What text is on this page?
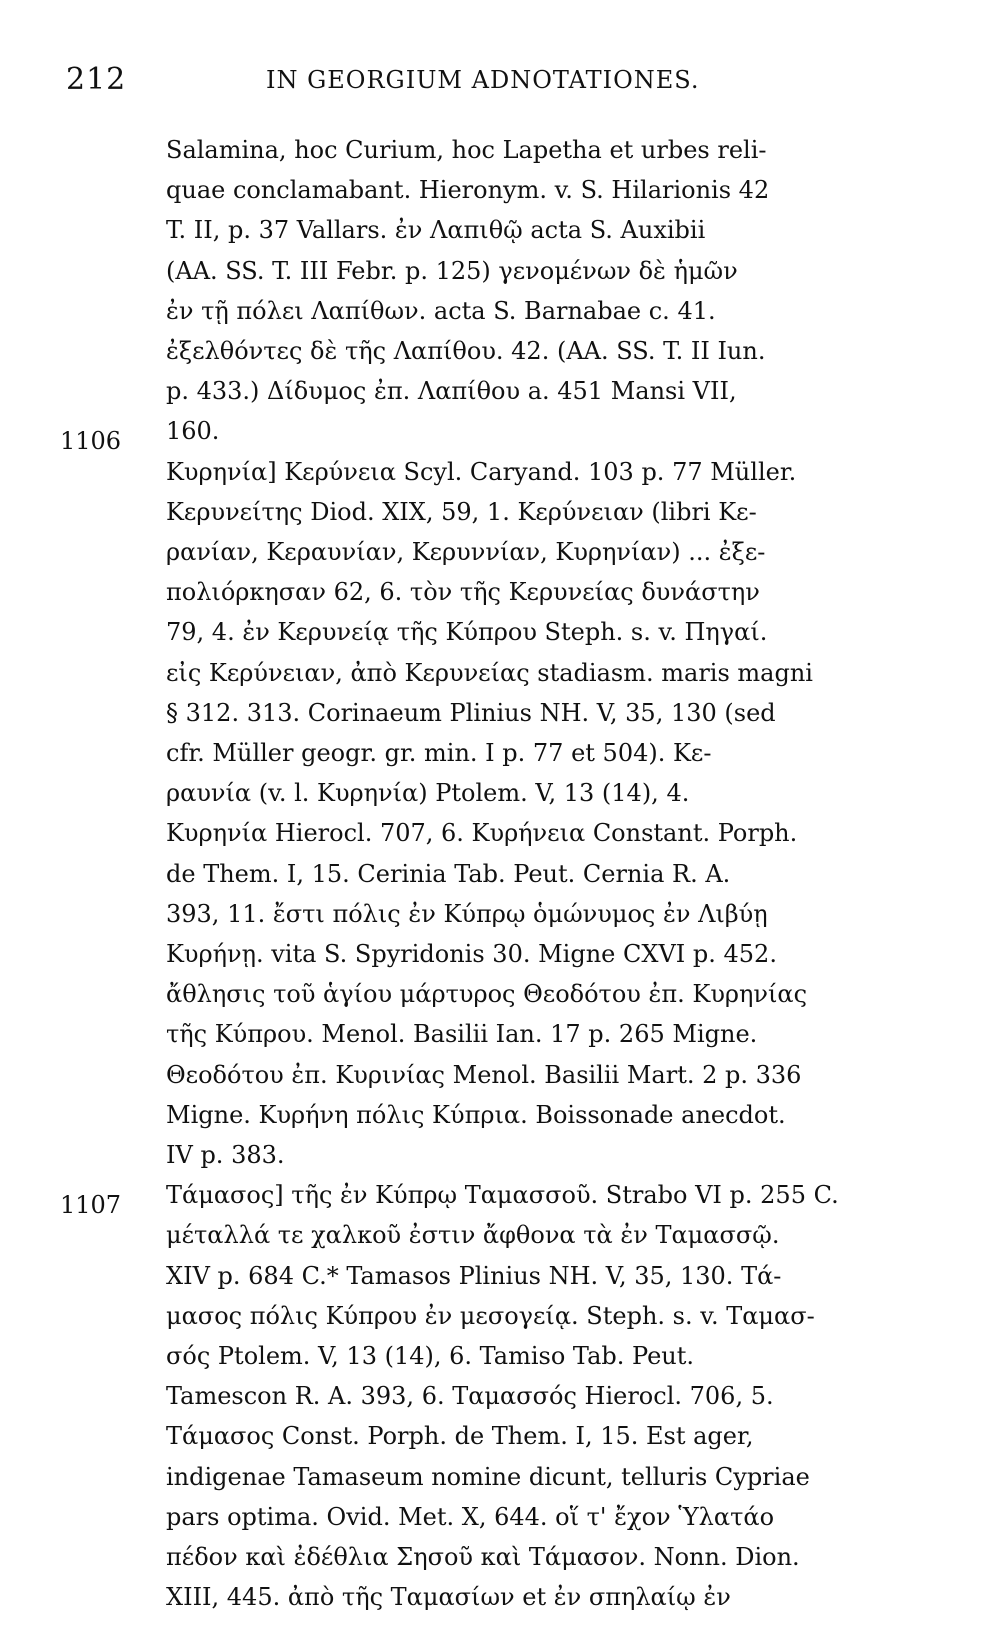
212	IN GEORGIUM ADNOTATIONES.
Salamina, hoc Curium, hoc Lapetha et urbes reli-
quae conclamabant. Hieronym. v. S. Hilarionis 42
T. II, p. 37 Vallars. ἐν Λαπιθῷ acta S. Auxibii
(AA. SS. T. III Febr. p. 125) γενομένων δὲ ἡμῶν
ἐν τῇ πόλει Λαπίθων. acta S. Barnabae c. 41.
ἐξελθόντες δὲ τῆς Λαπίθου. 42. (AA. SS. T. II Iun.
p. 433.) Δίδυμος ἐπ. Λαπίθου a. 451 Mansi VII,
160.
Κυρηνία] Κερύνεια Scyl. Caryand. 103 p. 77 Müller.
Κερυνείτης Diod. XIX, 59, 1. Κερύνειαν (libri Κε-
ρανίαν, Κεραυνίαν, Κερυννίαν, Κυρηνίαν) ... ἐξε-
πολιόρκησαν 62, 6. τὸν τῆς Κερυνείας δυνάστην
79, 4. ἐν Κερυνείᾳ τῆς Κύπρου Steph. s. v. Πηγαί.
εἰς Κερύνειαν, ἀπὸ Κερυνείας stadiasm. maris magni
§ 312. 313. Corinaeum Plinius NH. V, 35, 130 (sed
cfr. Müller geogr. gr. min. I p. 77 et 504). Κε-
ραυνία (v. l. Κυρηνία) Ptolem. V, 13 (14), 4.
Κυρηνία Hierocl. 707, 6. Κυρήνεια Constant. Porph.
de Them. I, 15. Cerinia Tab. Peut. Cernia R. A.
393, 11. ἔστι πόλις ἐν Κύπρῳ ὁμώνυμος ἐν Λιβύῃ
Κυρήνῃ. vita S. Spyridonis 30. Migne CXVI p. 452.
ἄθλησις τοῦ ἁγίου μάρτυρος Θεοδότου ἐπ. Κυρηνίας
τῆς Κύπρου. Menol. Basilii Ian. 17 p. 265 Migne.
Θεοδότου ἐπ. Κυρινίας Menol. Basilii Mart. 2 p. 336
Migne. Κυρήνη πόλις Κύπρια. Boissonade anecdot.
IV p. 383.
Τάμασος] τῆς ἐν Κύπρῳ Ταμασσοῦ. Strabo VI p. 255 C.
μέταλλά τε χαλκοῦ ἐστιν ἄφθονα τὰ ἐν Ταμασσῷ.
XIV p. 684 C.* Tamasos Plinius NH. V, 35, 130. Τά-
μασος πόλις Κύπρου ἐν μεσογείᾳ. Steph. s. v. Ταμασ-
σός Ptolem. V, 13 (14), 6. Tamiso Tab. Peut.
Tamescon R. A. 393, 6. Ταμασσός Hierocl. 706, 5.
Τάμασος Const. Porph. de Them. I, 15. Est ager,
indigenae Tamaseum nomine dicunt, telluris Cypriae
pars optima. Ovid. Met. X, 644. οἵ τ' ἔχον Ὑλατάο
πέδον καὶ ἐδέθλια Σησοῦ καὶ Τάμασον. Nonn. Dion.
XIII, 445. ἀπὸ τῆς Ταμασίων et ἐν σπηλαίῳ ἐν
1106
1107
